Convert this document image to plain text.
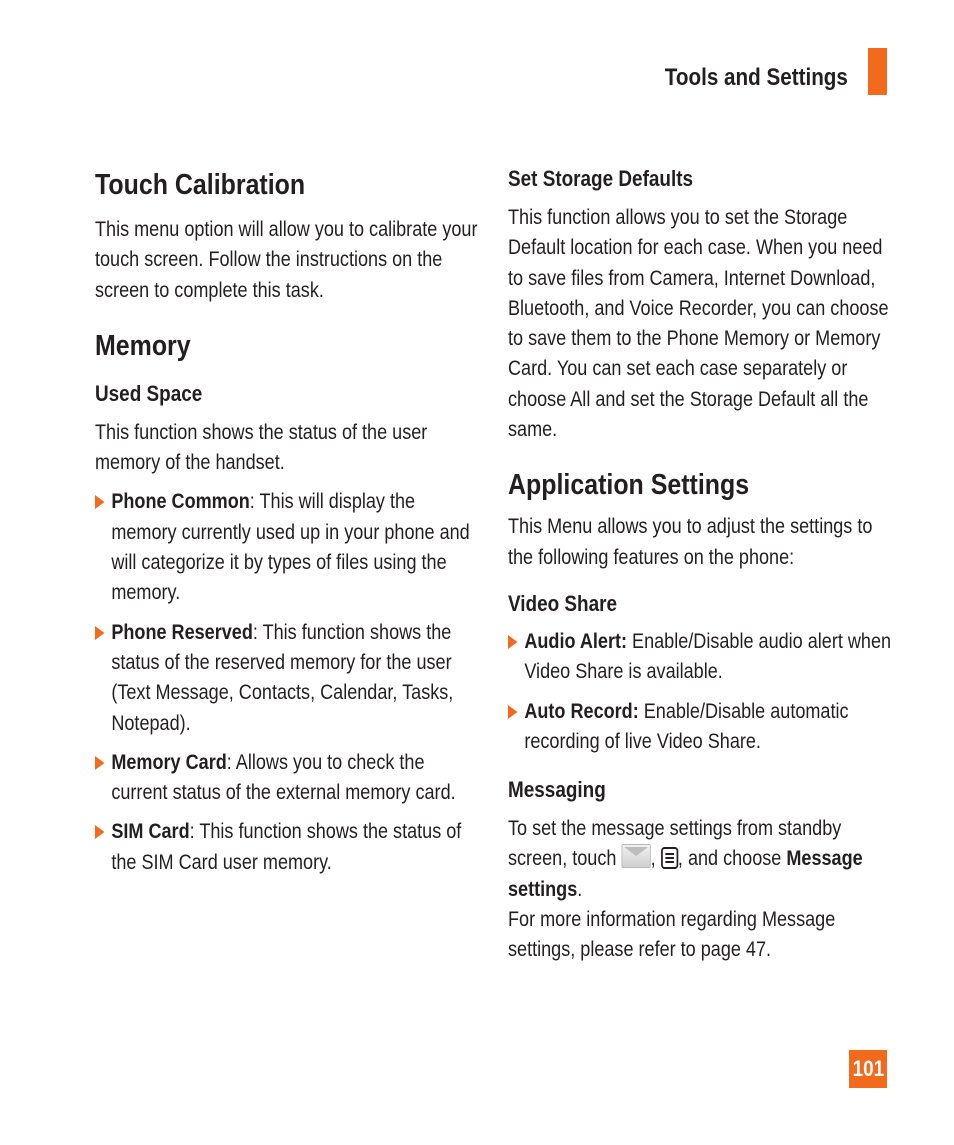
Tools and Settings
Touch Calibration

This menu option will allow you to calibrate your touch screen. Follow the instructions on the screen to complete this task.

Memory
Used Space

This function shows the status of the user memory of the handset.

Phone Common: This will display the memory currently used up in your phone and will categorize it by types of files using the memory.
Phone Reserved: This function shows the status of the reserved memory for the user (Text Message, Contacts, Calendar, Tasks, Notepad).
Memory Card: Allows you to check the current status of the external memory card.
SIM Card: This function shows the status of the SIM Card user memory.
Set Storage Defaults

This function allows you to set the Storage Default location for each case. When you need to save files from Camera, Internet Download, Bluetooth, and Voice Recorder, you can choose to save them to the Phone Memory or Memory Card. You can set each case separately or choose All and set the Storage Default all the same.

Application Settings

This Menu allows you to adjust the settings to the following features on the phone:

Video Share
Audio Alert: Enable/Disable audio alert when Video Share is available.
Auto Record: Enable/Disable automatic recording of live Video Share.
Messaging

To set the message settings from standby screen, touch ,
, and choose Message settings.

For more information regarding Message settings, please refer to page 47.

101
